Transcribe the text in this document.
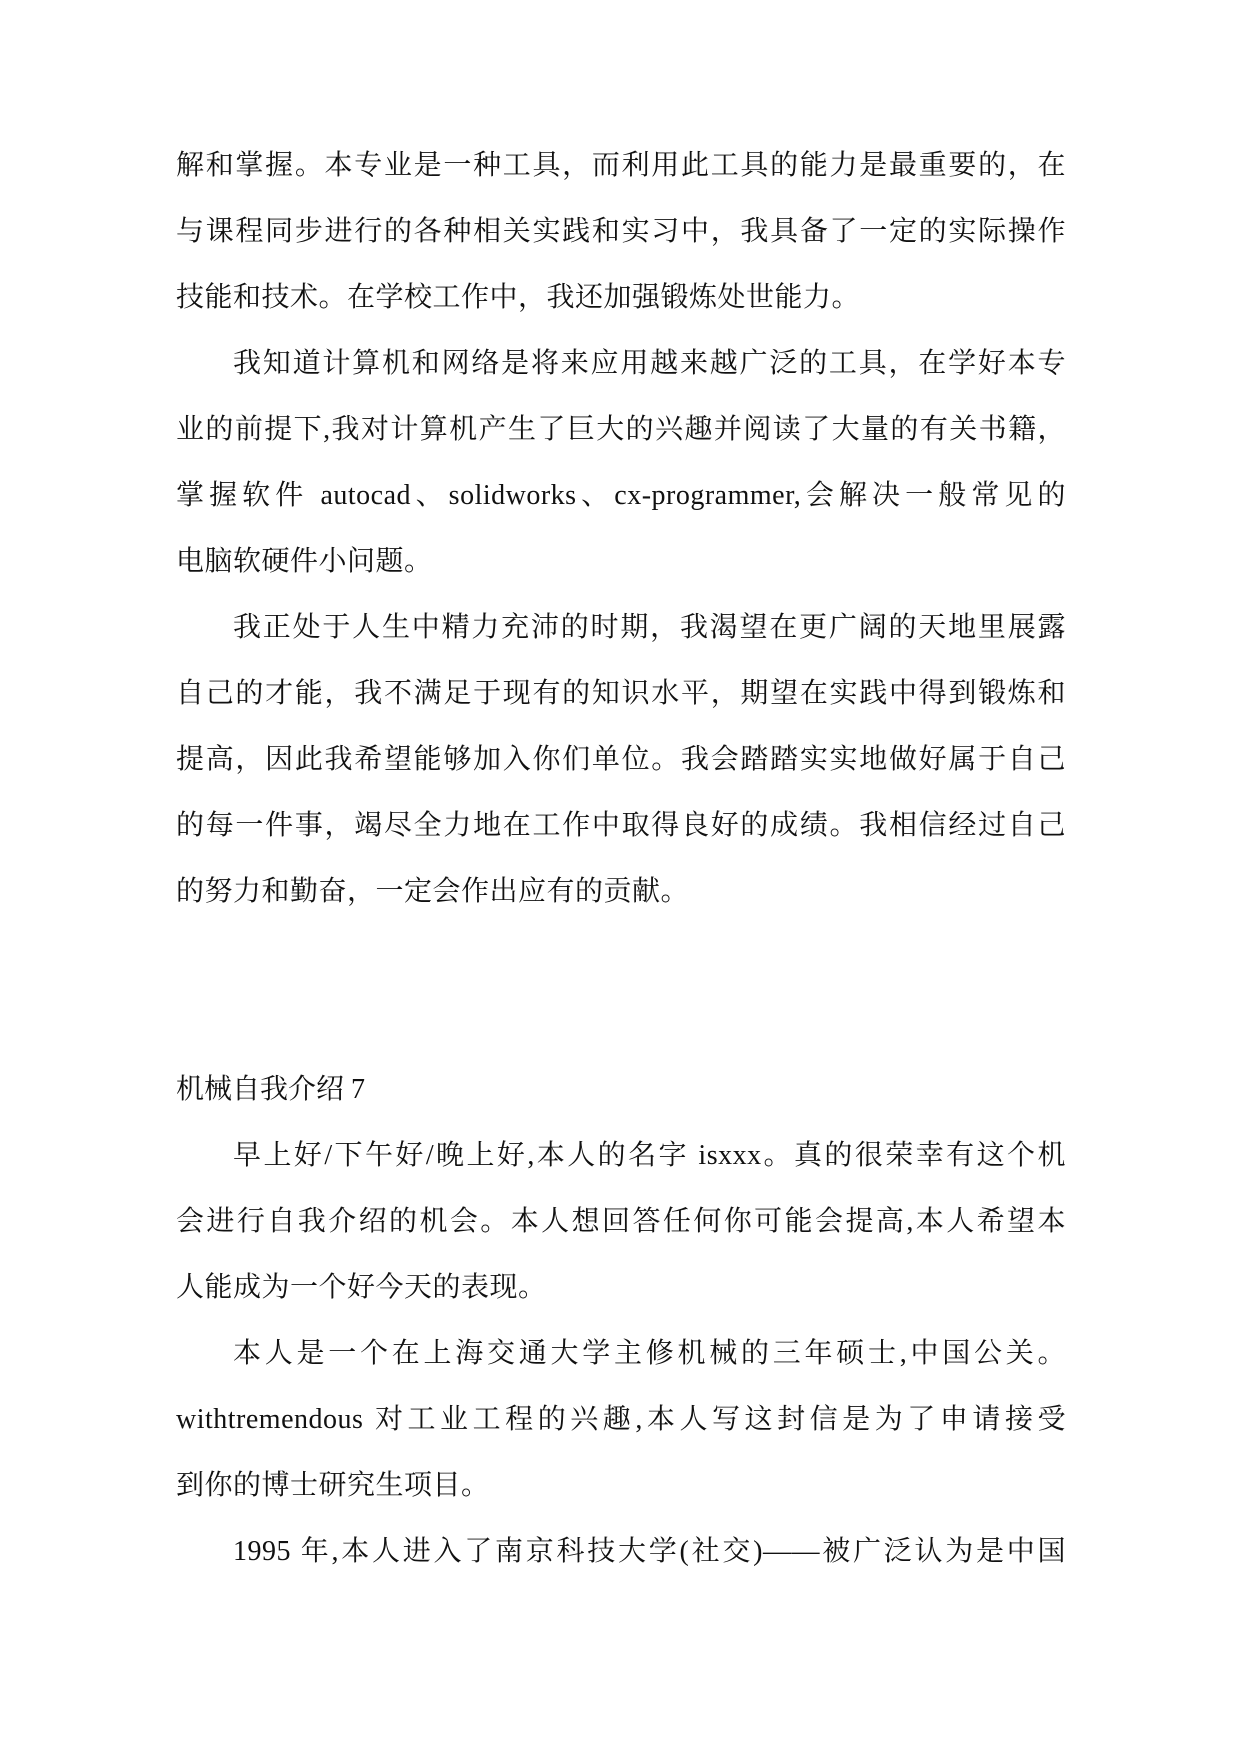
解和掌握。本专业是一种工具，而利用此工具的能力是最重要的，在
与课程同步进行的各种相关实践和实习中，我具备了一定的实际操作
技能和技术。在学校工作中，我还加强锻炼处世能力。
我知道计算机和网络是将来应用越来越广泛的工具，在学好本专
业的前提下,我对计算机产生了巨大的兴趣并阅读了大量的有关书籍，
掌握软件 autocad、solidworks、cx-programmer,会解决一般常见的
电脑软硬件小问题。
我正处于人生中精力充沛的时期，我渴望在更广阔的天地里展露
自己的才能，我不满足于现有的知识水平，期望在实践中得到锻炼和
提高，因此我希望能够加入你们单位。我会踏踏实实地做好属于自己
的每一件事，竭尽全力地在工作中取得良好的成绩。我相信经过自己
的努力和勤奋，一定会作出应有的贡献。
机械自我介绍 7
早上好/下午好/晚上好,本人的名字 isxxx。真的很荣幸有这个机
会进行自我介绍的机会。本人想回答任何你可能会提高,本人希望本
人能成为一个好今天的表现。
本人是一个在上海交通大学主修机械的三年硕士,中国公关。
withtremendous 对工业工程的兴趣,本人写这封信是为了申请接受
到你的博士研究生项目。
1995 年,本人进入了南京科技大学(社交)——被广泛认为是中国
